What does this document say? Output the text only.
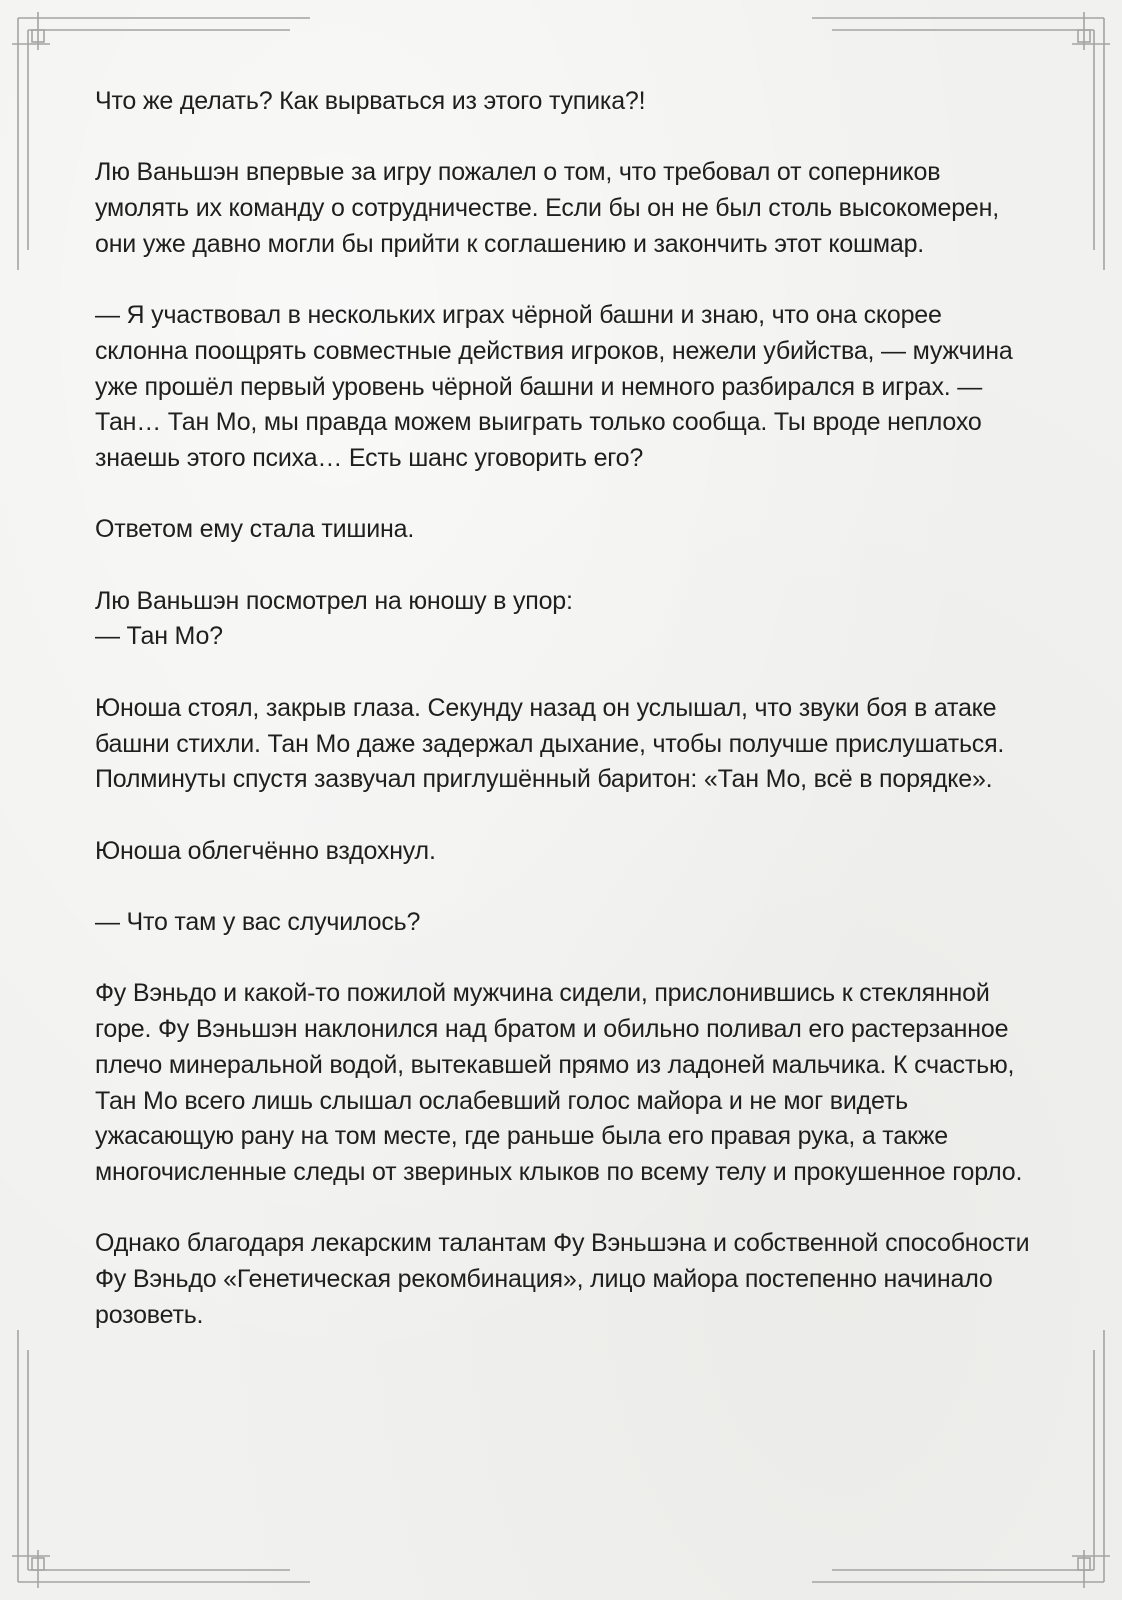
Что же делать? Как вырваться из этого тупика?!

Лю Ваньшэн впервые за игру пожалел о том, что требовал от соперников умолять их команду о сотрудничестве. Если бы он не был столь высокомерен, они уже давно могли бы прийти к соглашению и закончить этот кошмар.

— Я участвовал в нескольких играх чёрной башни и знаю, что она скорее склонна поощрять совместные действия игроков, нежели убийства, — мужчина уже прошёл первый уровень чёрной башни и немного разбирался в играх. — Тан… Тан Мо, мы правда можем выиграть только сообща. Ты вроде неплохо знаешь этого психа… Есть шанс уговорить его?

Ответом ему стала тишина.

Лю Ваньшэн посмотрел на юношу в упор:

— Тан Мо?

Юноша стоял, закрыв глаза. Секунду назад он услышал, что звуки боя в атаке башни стихли. Тан Мо даже задержал дыхание, чтобы получше прислушаться. Полминуты спустя зазвучал приглушённый баритон: «Тан Мо, всё в порядке».

Юноша облегчённо вздохнул.

— Что там у вас случилось?

Фу Вэньдо и какой-то пожилой мужчина сидели, прислонившись к стеклянной горе. Фу Вэньшэн наклонился над братом и обильно поливал его растерзанное плечо минеральной водой, вытекавшей прямо из ладоней мальчика. К счастью, Тан Мо всего лишь слышал ослабевший голос майора и не мог видеть ужасающую рану на том месте, где раньше была его правая рука, а также многочисленные следы от звериных клыков по всему телу и прокушенное горло.

Однако благодаря лекарским талантам Фу Вэньшэна и собственной способности Фу Вэньдо «Генетическая рекомбинация», лицо майора постепенно начинало розоветь.
